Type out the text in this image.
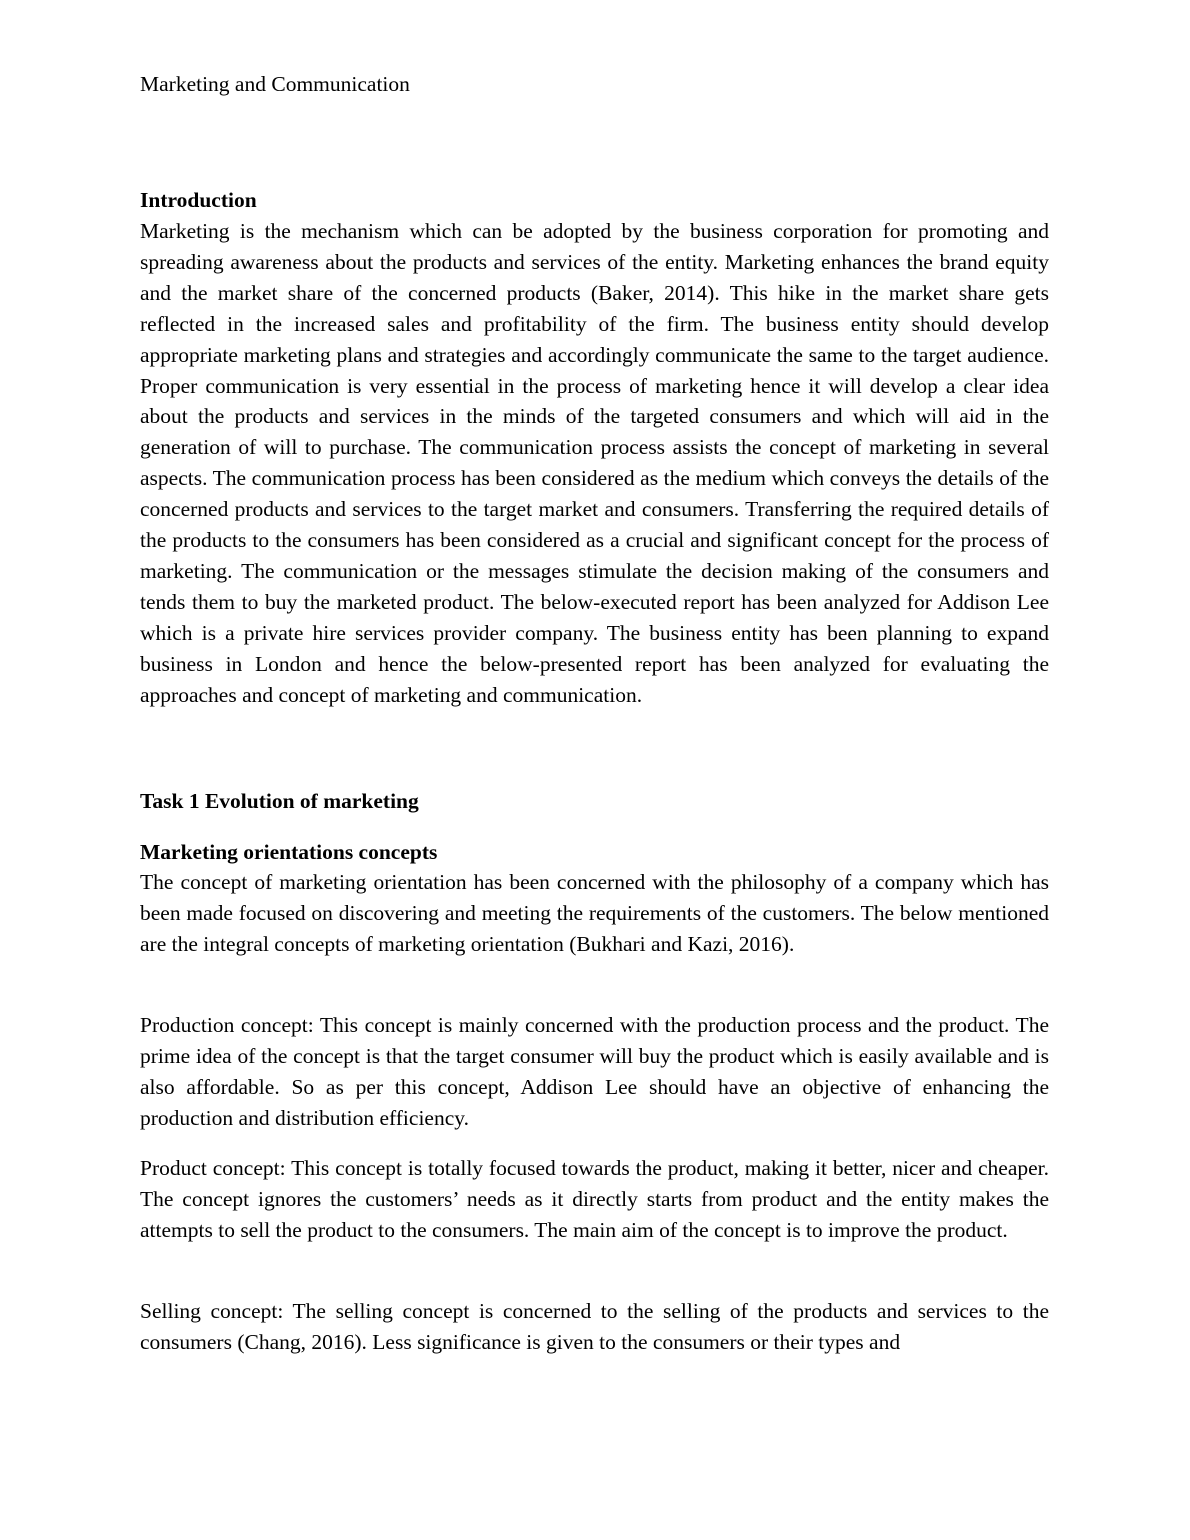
Marketing and Communication
Introduction

Marketing is the mechanism which can be adopted by the business corporation for promoting and spreading awareness about the products and services of the entity. Marketing enhances the brand equity and the market share of the concerned products (Baker, 2014). This hike in the market share gets reflected in the increased sales and profitability of the firm. The business entity should develop appropriate marketing plans and strategies and accordingly communicate the same to the target audience. Proper communication is very essential in the process of marketing hence it will develop a clear idea about the products and services in the minds of the targeted consumers and which will aid in the generation of will to purchase. The communication process assists the concept of marketing in several aspects. The communication process has been considered as the medium which conveys the details of the concerned products and services to the target market and consumers. Transferring the required details of the products to the consumers has been considered as a crucial and significant concept for the process of marketing. The communication or the messages stimulate the decision making of the consumers and tends them to buy the marketed product. The below-executed report has been analyzed for Addison Lee which is a private hire services provider company. The business entity has been planning to expand business in London and hence the below-presented report has been analyzed for evaluating the approaches and concept of marketing and communication.

Task 1 Evolution of marketing
Marketing orientations concepts

The concept of marketing orientation has been concerned with the philosophy of a company which has been made focused on discovering and meeting the requirements of the customers. The below mentioned are the integral concepts of marketing orientation (Bukhari and Kazi, 2016).

Production concept: This concept is mainly concerned with the production process and the product. The prime idea of the concept is that the target consumer will buy the product which is easily available and is also affordable. So as per this concept, Addison Lee should have an objective of enhancing the production and distribution efficiency.

Product concept: This concept is totally focused towards the product, making it better, nicer and cheaper. The concept ignores the customers’ needs as it directly starts from product and the entity makes the attempts to sell the product to the consumers. The main aim of the concept is to improve the product.

Selling concept: The selling concept is concerned to the selling of the products and services to the consumers (Chang, 2016). Less significance is given to the consumers or their types and
